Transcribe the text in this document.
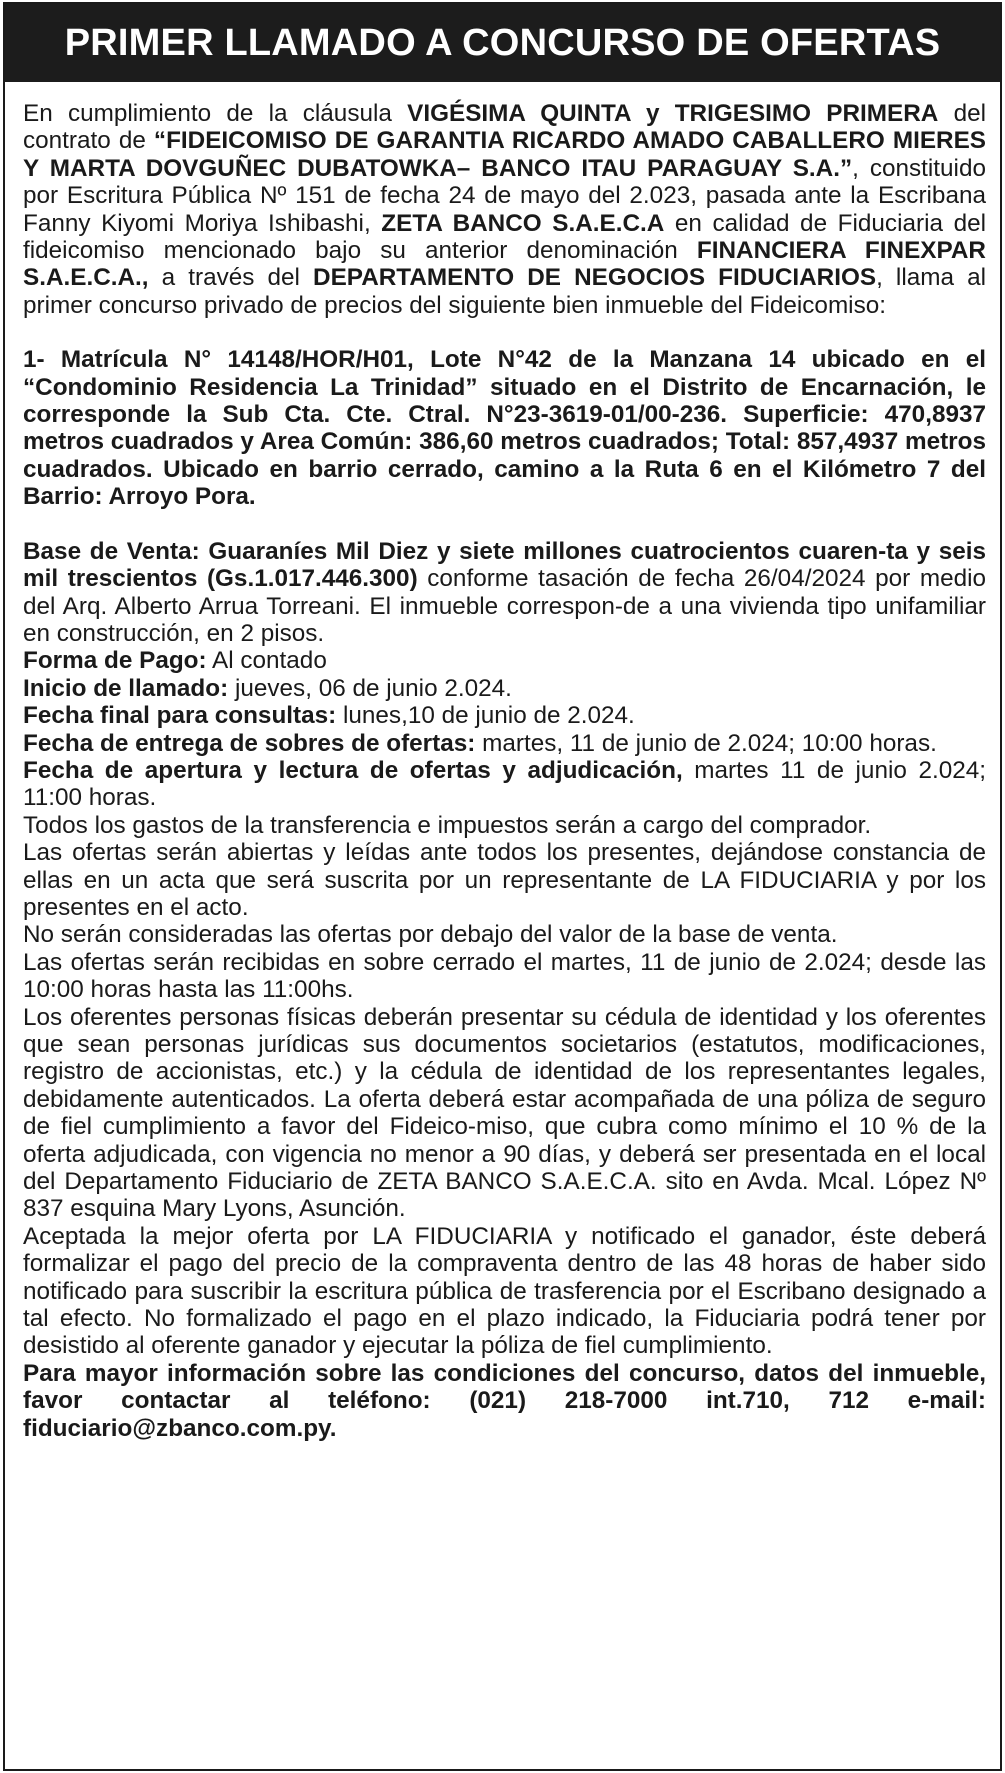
PRIMER LLAMADO A CONCURSO DE OFERTAS

En cumplimiento de la cláusula VIGÉSIMA QUINTA y TRIGESIMO PRIMERA del contrato de “FIDEICOMISO DE GARANTIA RICARDO AMADO CABALLERO MIERES Y MARTA DOVGUÑEC DUBATOWKA– BANCO ITAU PARAGUAY S.A.”, constituido por Escritura Pública Nº 151 de fecha 24 de mayo del 2.023, pasada ante la Escribana Fanny Kiyomi Moriya Ishibashi, ZETA BANCO S.A.E.C.A en calidad de Fiduciaria del fideicomiso mencionado bajo su anterior denominación FINANCIERA FINEXPAR S.A.E.C.A., a través del DEPARTAMENTO DE NEGOCIOS FIDUCIARIOS, llama al primer concurso privado de precios del siguiente bien inmueble del Fideicomiso:

1- Matrícula N° 14148/HOR/H01, Lote N°42 de la Manzana 14 ubicado en el “Condominio Residencia La Trinidad” situado en el Distrito de Encarnación, le corresponde la Sub Cta. Cte. Ctral. N°23-3619-01/00-236. Superficie: 470,8937 metros cuadrados y Area Común: 386,60 metros cuadrados; Total: 857,4937 metros cuadrados. Ubicado en barrio cerrado, camino a la Ruta 6 en el Kilómetro 7 del Barrio: Arroyo Pora.

Base de Venta: Guaraníes Mil Diez y siete millones cuatrocientos cuaren-ta y seis mil trescientos (Gs.1.017.446.300) conforme tasación de fecha 26/04/2024 por medio del Arq. Alberto Arrua Torreani. El inmueble correspon-de a una vivienda tipo unifamiliar en construcción, en 2 pisos.

Forma de Pago: Al contado

Inicio de llamado: jueves, 06 de junio 2.024.

Fecha final para consultas: lunes,10 de junio de 2.024.

Fecha de entrega de sobres de ofertas: martes, 11 de junio de 2.024; 10:00 horas.

Fecha de apertura y lectura de ofertas y adjudicación, martes 11 de junio 2.024; 11:00 horas.

Todos los gastos de la transferencia e impuestos serán a cargo del comprador.

Las ofertas serán abiertas y leídas ante todos los presentes, dejándose constancia de ellas en un acta que será suscrita por un representante de LA FIDUCIARIA y por los presentes en el acto.

No serán consideradas las ofertas por debajo del valor de la base de venta.

Las ofertas serán recibidas en sobre cerrado el martes, 11 de junio de 2.024; desde las 10:00 horas hasta las 11:00hs.

Los oferentes personas físicas deberán presentar su cédula de identidad y los oferentes que sean personas jurídicas sus documentos societarios (estatutos, modificaciones, registro de accionistas, etc.) y la cédula de identidad de los representantes legales, debidamente autenticados. La oferta deberá estar acompañada de una póliza de seguro de fiel cumplimiento a favor del Fideico-miso, que cubra como mínimo el 10 % de la oferta adjudicada, con vigencia no menor a 90 días, y deberá ser presentada en el local del Departamento Fiduciario de ZETA BANCO S.A.E.C.A. sito en Avda. Mcal. López Nº 837 esquina Mary Lyons, Asunción.

Aceptada la mejor oferta por LA FIDUCIARIA y notificado el ganador, éste deberá formalizar el pago del precio de la compraventa dentro de las 48 horas de haber sido notificado para suscribir la escritura pública de trasferencia por el Escribano designado a tal efecto. No formalizado el pago en el plazo indicado, la Fiduciaria podrá tener por desistido al oferente ganador y ejecutar la póliza de fiel cumplimiento.

Para mayor información sobre las condiciones del concurso, datos del inmueble, favor contactar al teléfono: (021) 218-7000 int.710, 712 e-mail: fiduciario@zbanco.com.py.
